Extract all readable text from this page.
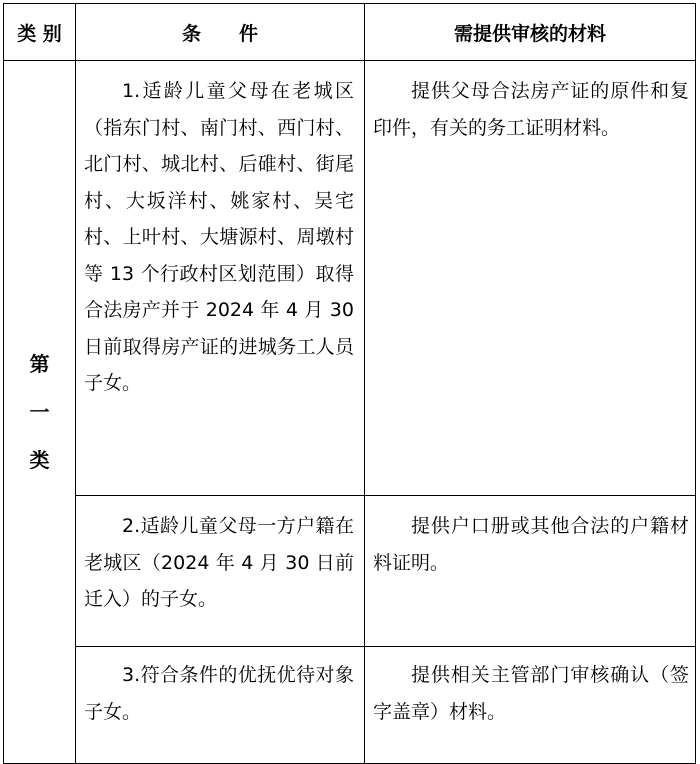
类 别	条　　件	需提供审核的材料

第
一
类	1.适龄儿童父母在老城区（指东门村、南门村、西门村、北门村、城北村、后碓村、街尾村、大坂洋村、姚家村、吴宅村、上叶村、大塘源村、周墩村等 13 个行政村区划范围）取得合法房产并于 2024 年 4 月 30 日前取得房产证的进城务工人员子女。	提供父母合法房产证的原件和复印件，有关的务工证明材料。
	2.适龄儿童父母一方户籍在老城区（2024 年 4 月 30 日前迁入）的子女。	提供户口册或其他合法的户籍材料证明。
	3.符合条件的优抚优待对象子女。	提供相关主管部门审核确认（签字盖章）材料。
